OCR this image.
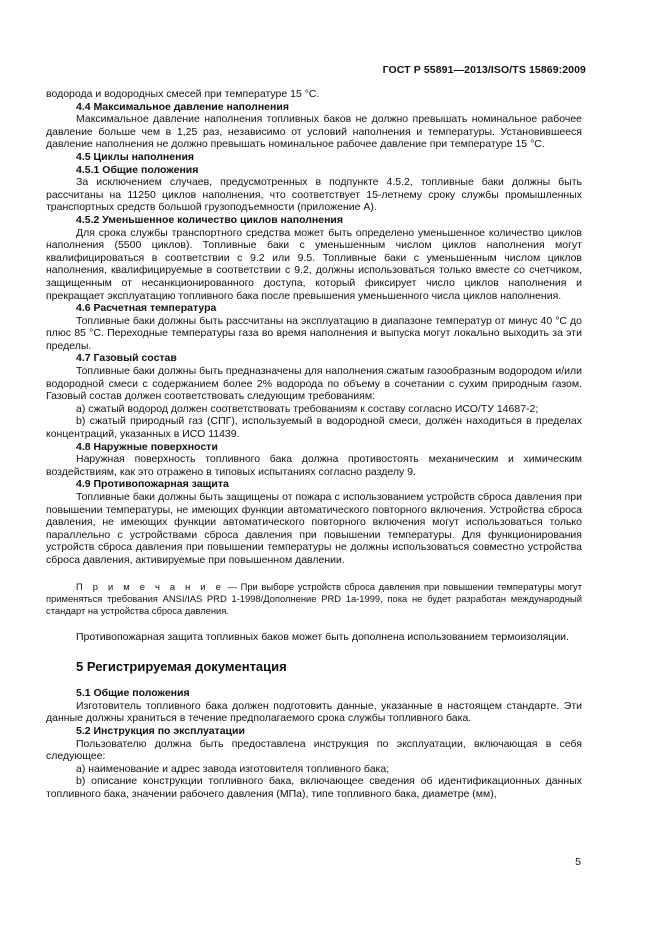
ГОСТ Р 55891—2013/ISO/TS 15869:2009

водорода и водородных смесей при температуре 15 °С.

4.4 Максимальное давление наполнения

Максимальное давление наполнения топливных баков не должно превышать номинальное рабочее давление больше чем в 1,25 раз, независимо от условий наполнения и температуры. Установившееся давление наполнения не должно превышать номинальное рабочее давление при температуре 15 °С.

4.5 Циклы наполнения

4.5.1 Общие положения

За исключением случаев, предусмотренных в подпункте 4.5.2, топливные баки должны быть рассчитаны на 11250 циклов наполнения, что соответствует 15-летнему сроку службы промышленных транспортных средств большой грузоподъемности (приложение А).

4.5.2 Уменьшенное количество циклов наполнения

Для срока службы транспортного средства может быть определено уменьшенное количество циклов наполнения (5500 циклов). Топливные баки с уменьшенным числом циклов наполнения могут квалифицироваться в соответствии с 9.2 или 9.5. Топливные баки с уменьшенным числом циклов наполнения, квалифицируемые в соответствии с 9.2, должны использоваться только вместе со счетчиком, защищенным от несанкционированного доступа, который фиксирует число циклов наполнения и прекращает эксплуатацию топливного бака после превышения уменьшенного числа циклов наполнения.

4.6 Расчетная температура

Топливные баки должны быть рассчитаны на эксплуатацию в диапазоне температур от минус 40 °С до плюс 85 °С. Переходные температуры газа во время наполнения и выпуска могут локально выходить за эти пределы.

4.7 Газовый состав

Топливные баки должны быть предназначены для наполнения сжатым газообразным водородом и/или водородной смеси с содержанием более 2% водорода по объему в сочетании с сухим природным газом. Газовый состав должен соответствовать следующим требованиям:

а) сжатый водород должен соответствовать требованиям к составу согласно ИСО/ТУ 14687-2;

b) сжатый природный газ (СПГ), используемый в водородной смеси, должен находиться в пределах концентраций, указанных в ИСО 11439.

4.8 Наружные поверхности

Наружная поверхность топливного бака должна противостоять механическим и химическим воздействиям, как это отражено в типовых испытаниях согласно разделу 9.

4.9 Противопожарная защита

Топливные баки должны быть защищены от пожара с использованием устройств сброса давления при повышении температуры, не имеющих функции автоматического повторного включения. Устройства сброса давления, не имеющих функции автоматического повторного включения могут использоваться только параллельно с устройствами сброса давления при повышении температуры. Для функционирования устройств сброса давления при повышении температуры не должны использоваться совместно устройства сброса давления, активируемые при повышенном давлении.

П р и м е ч а н и е — При выборе устройств сброса давления при повышении температуры могут применяться требования ANSI/IAS PRD 1-1998/Дополнение PRD 1a-1999, пока не будет разработан международный стандарт на устройства сброса давления.

Противопожарная защита топливных баков может быть дополнена использованием термоизоляции.

5 Регистрируемая документация

5.1 Общие положения

Изготовитель топливного бака должен подготовить данные, указанные в настоящем стандарте. Эти данные должны храниться в течение предполагаемого срока службы топливного бака.

5.2 Инструкция по эксплуатации

Пользователю должна быть предоставлена инструкция по эксплуатации, включающая в себя следующее:

а) наименование и адрес завода изготовителя топливного бака;

b) описание конструкции топливного бака, включающее сведения об идентификационных данных топливного бака, значении рабочего давления (МПа), типе топливного бака, диаметре (мм),

5
